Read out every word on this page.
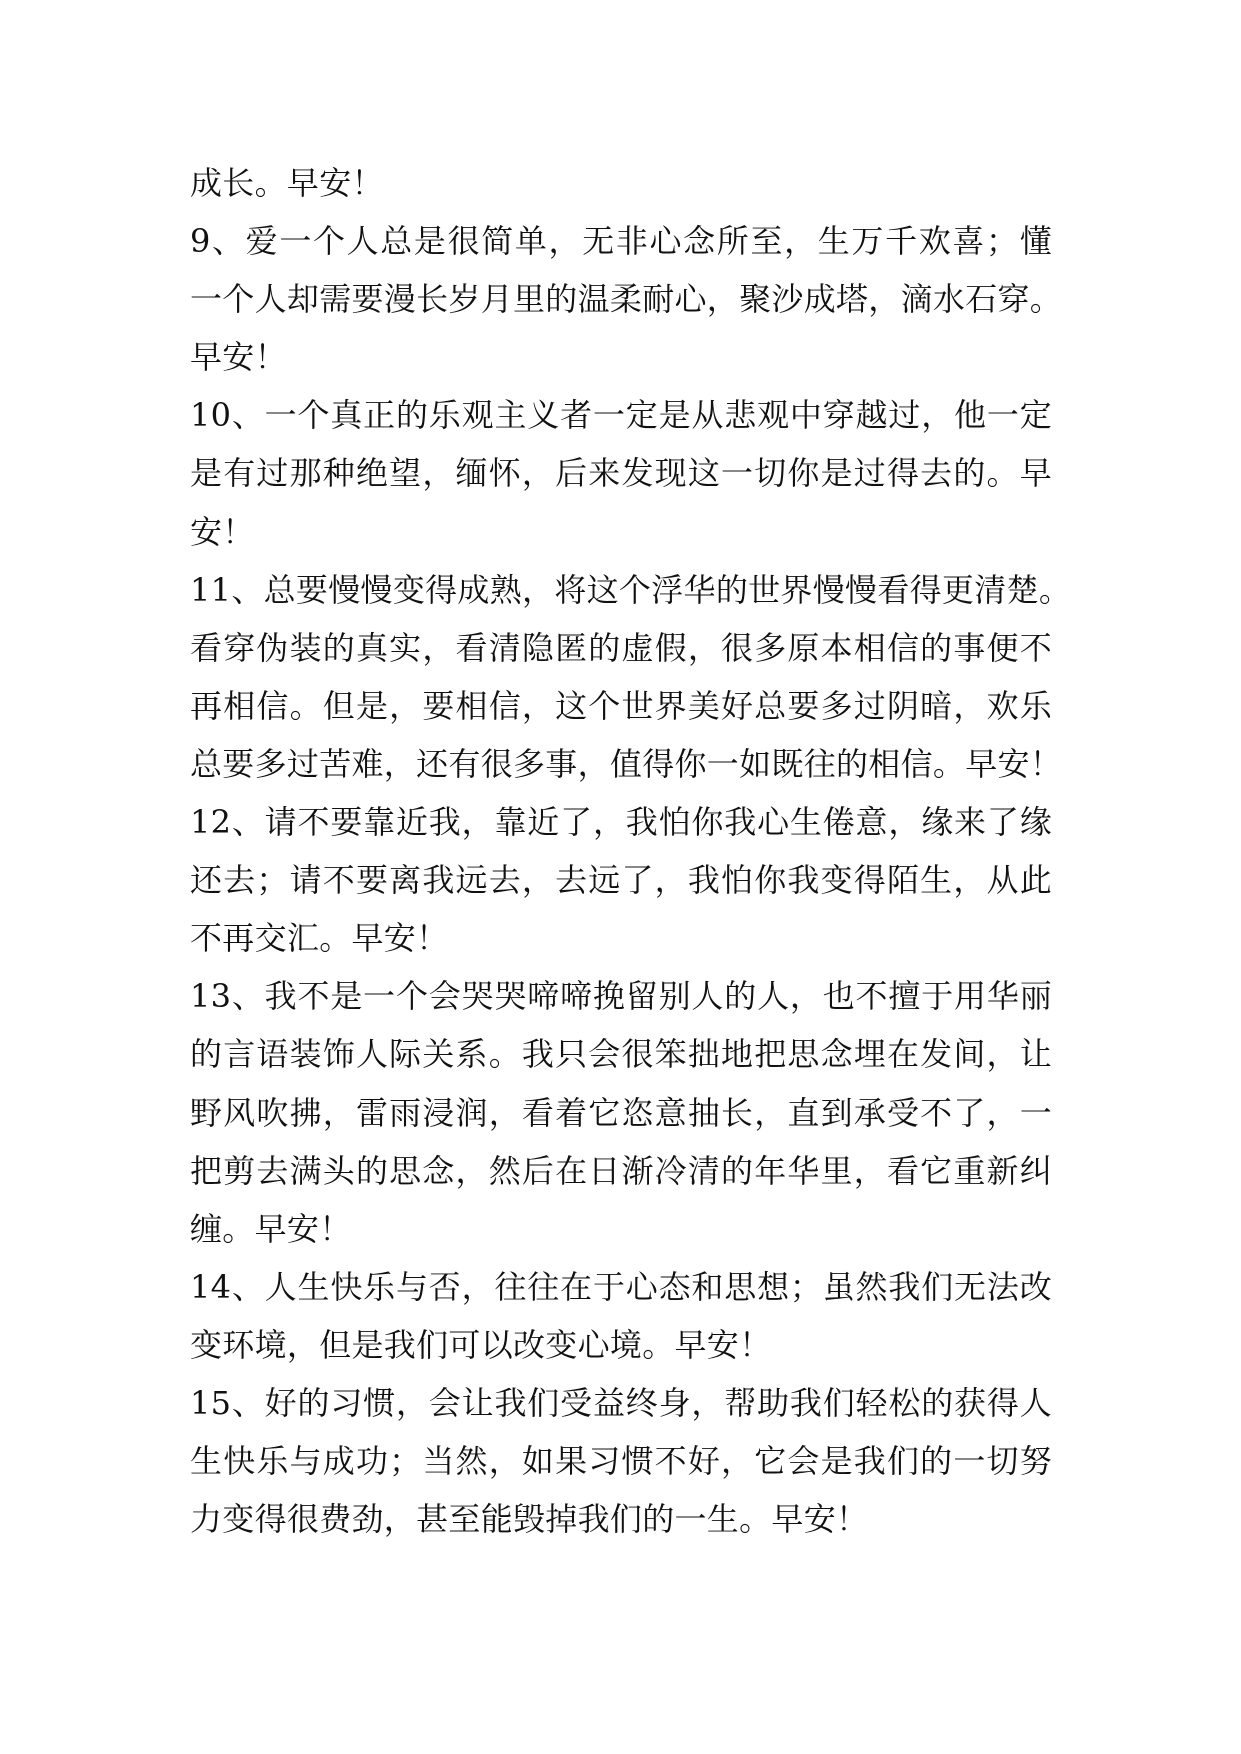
成长。早安！
9、爱一个人总是很简单，无非心念所至，生万千欢喜；懂
一个人却需要漫长岁月里的温柔耐心，聚沙成塔，滴水石穿。
早安！
10、一个真正的乐观主义者一定是从悲观中穿越过，他一定
是有过那种绝望，缅怀，后来发现这一切你是过得去的。早
安！
11、总要慢慢变得成熟，将这个浮华的世界慢慢看得更清楚。
看穿伪装的真实，看清隐匿的虚假，很多原本相信的事便不
再相信。但是，要相信，这个世界美好总要多过阴暗，欢乐
总要多过苦难，还有很多事，值得你一如既往的相信。早安！
12、请不要靠近我，靠近了，我怕你我心生倦意，缘来了缘
还去；请不要离我远去，去远了，我怕你我变得陌生，从此
不再交汇。早安！
13、我不是一个会哭哭啼啼挽留别人的人，也不擅于用华丽
的言语装饰人际关系。我只会很笨拙地把思念埋在发间，让
野风吹拂，雷雨浸润，看着它恣意抽长，直到承受不了，一
把剪去满头的思念，然后在日渐冷清的年华里，看它重新纠
缠。早安！
14、人生快乐与否，往往在于心态和思想；虽然我们无法改
变环境，但是我们可以改变心境。早安！
15、好的习惯，会让我们受益终身，帮助我们轻松的获得人
生快乐与成功；当然，如果习惯不好，它会是我们的一切努
力变得很费劲，甚至能毁掉我们的一生。早安！
